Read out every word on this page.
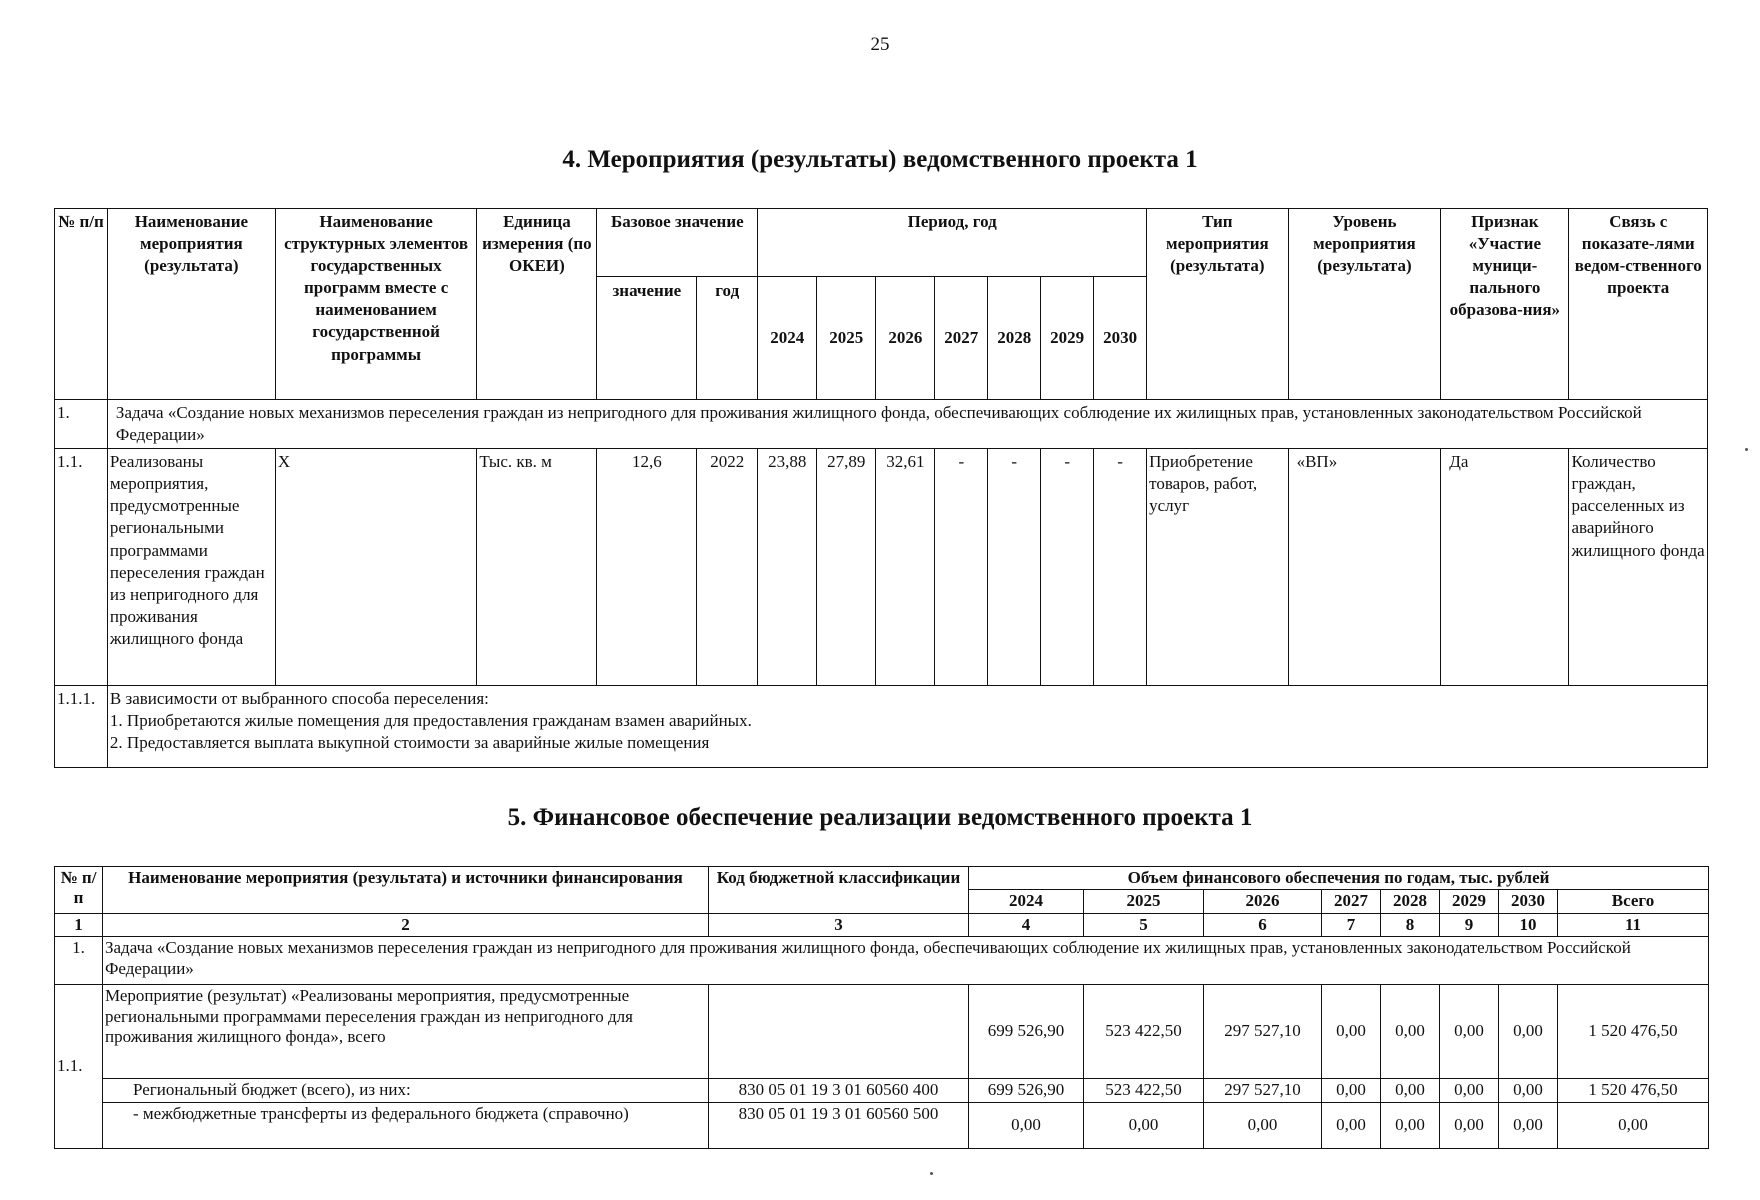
25
4. Мероприятия (результаты) ведомственного проекта 1
№ п/п	Наименование мероприятия (результата)	Наименование структурных элементов государственных программ вместе с наименованием государственной программы	Единица измерения (по ОКЕИ)	Базовое значение		Период, год							Тип мероприятия (результата)	Уровень мероприятия (результата)	Признак «Участие муници-пального образова-ния»	Связь с показате-лями ведом-ственного проекта
				значение	год	2024	2025	2026	2027	2028	2029	2030				
1.	Задача «Создание новых механизмов переселения граждан из непригодного для проживания жилищного фонда, обеспечивающих соблюдение их жилищных прав, установленных законодательством Российской Федерации»															
1.1.	Реализованы мероприятия, предусмотренные региональными программами переселения граждан из непригодного для проживания жилищного фонда	Х	Тыс. кв. м	12,6	2022	23,88	27,89	32,61	-	-	-	-	Приобретение товаров, работ, услуг	«ВП»	Да	Количество граждан, расселенных из аварийного жилищного фонда
1.1.1.	В зависимости от выбранного способа переселения:
1. Приобретаются жилые помещения для предоставления гражданам взамен аварийных.
2. Предоставляется выплата выкупной стоимости за аварийные жилые помещения															
5. Финансовое обеспечение реализации ведомственного проекта 1
№ п/п	Наименование мероприятия (результата) и источники финансирования	Код бюджетной классификации	Объем финансового обеспечения по годам, тыс. рублей							
			2024	2025	2026	2027	2028	2029	2030	Всего
1	2	3	4	5	6	7	8	9	10	11
1.	Задача «Создание новых механизмов переселения граждан из непригодного для проживания жилищного фонда, обеспечивающих соблюдение их жилищных прав, установленных законодательством Российской Федерации»									
1.1.	Мероприятие (результат) «Реализованы мероприятия, предусмотренные региональными программами переселения граждан из непригодного для проживания жилищного фонда», всего		699 526,90	523 422,50	297 527,10	0,00	0,00	0,00	0,00	1 520 476,50
	Региональный бюджет (всего), из них:	830 05 01 19 3 01 60560 400	699 526,90	523 422,50	297 527,10	0,00	0,00	0,00	0,00	1 520 476,50
	- межбюджетные трансферты из федерального бюджета (справочно)	830 05 01 19 3 01 60560 500	0,00	0,00	0,00	0,00	0,00	0,00	0,00	0,00
